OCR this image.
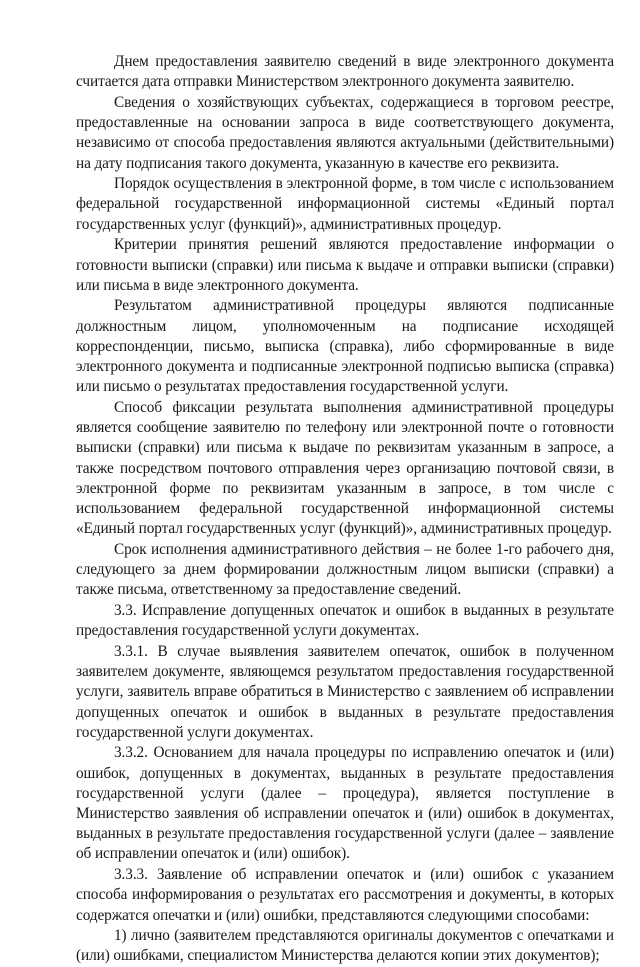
Днем предоставления заявителю сведений в виде электронного документа считается дата отправки Министерством электронного документа заявителю.

Сведения о хозяйствующих субъектах, содержащиеся в торговом реестре, предоставленные на основании запроса в виде соответствующего документа, независимо от способа предоставления являются актуальными (действительными) на дату подписания такого документа, указанную в качестве его реквизита.

Порядок осуществления в электронной форме, в том числе с использованием федеральной государственной информационной системы «Единый портал государственных услуг (функций)», административных процедур.

Критерии принятия решений являются предоставление информации о готовности выписки (справки) или письма к выдаче и отправки выписки (справки) или письма в виде электронного документа.

Результатом административной процедуры являются подписанные должностным лицом, уполномоченным на подписание исходящей корреспонденции, письмо, выписка (справка), либо сформированные в виде электронного документа и подписанные электронной подписью выписка (справка) или письмо о результатах предоставления государственной услуги.

Способ фиксации результата выполнения административной процедуры является сообщение заявителю по телефону или электронной почте о готовности выписки (справки) или письма к выдаче по реквизитам указанным в запросе, а также посредством почтового отправления через организацию почтовой связи, в электронной форме по реквизитам указанным в запросе, в том числе с использованием федеральной государственной информационной системы «Единый портал государственных услуг (функций)», административных процедур.

Срок исполнения административного действия – не более 1-го рабочего дня, следующего за днем формировании должностным лицом выписки (справки) а также письма, ответственному за предоставление сведений.

3.3. Исправление допущенных опечаток и ошибок в выданных в результате предоставления государственной услуги документах.

3.3.1. В случае выявления заявителем опечаток, ошибок в полученном заявителем документе, являющемся результатом предоставления государственной услуги, заявитель вправе обратиться в Министерство с заявлением об исправлении допущенных опечаток и ошибок в выданных в результате предоставления государственной услуги документах.

3.3.2. Основанием для начала процедуры по исправлению опечаток и (или) ошибок, допущенных в документах, выданных в результате предоставления государственной услуги (далее – процедура), является поступление в Министерство заявления об исправлении опечаток и (или) ошибок в документах, выданных в результате предоставления государственной услуги (далее – заявление об исправлении опечаток и (или) ошибок).

3.3.3. Заявление об исправлении опечаток и (или) ошибок с указанием способа информирования о результатах его рассмотрения и документы, в которых содержатся опечатки и (или) ошибки, представляются следующими способами:

1) лично (заявителем представляются оригиналы документов с опечатками и (или) ошибками, специалистом Министерства делаются копии этих документов);
